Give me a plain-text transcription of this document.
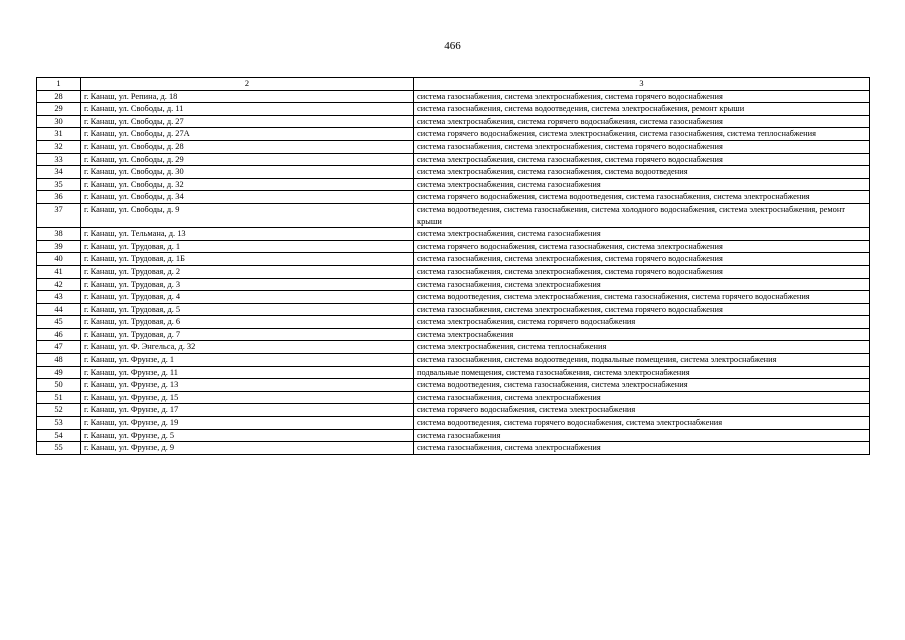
466
1	2	3
28	г. Канаш, ул. Репина, д. 18	система газоснабжения, система электроснабжения, система горячего водоснабжения
29	г. Канаш, ул. Свободы, д. 11	система газоснабжения, система водоотведения, система электроснабжения, ремонт крыши
30	г. Канаш, ул. Свободы, д. 27	система электроснабжения, система горячего водоснабжения, система газоснабжения
31	г. Канаш, ул. Свободы, д. 27А	система горячего водоснабжения, система электроснабжения, система газоснабжения, система теплоснабжения
32	г. Канаш, ул. Свободы, д. 28	система газоснабжения, система электроснабжения, система горячего водоснабжения
33	г. Канаш, ул. Свободы, д. 29	система электроснабжения, система газоснабжения, система горячего водоснабжения
34	г. Канаш, ул. Свободы, д. 30	система электроснабжения, система газоснабжения, система водоотведения
35	г. Канаш, ул. Свободы, д. 32	система электроснабжения, система газоснабжения
36	г. Канаш, ул. Свободы, д. 34	система горячего водоснабжения, система водоотведения, система газоснабжения, система электроснабжения
37	г. Канаш, ул. Свободы, д. 9	система водоотведения, система газоснабжения, система холодного водоснабжения, система электроснабжения, ремонт крыши
38	г. Канаш, ул. Тельмана, д. 13	система электроснабжения, система газоснабжения
39	г. Канаш, ул. Трудовая, д. 1	система горячего водоснабжения, система газоснабжения, система электроснабжения
40	г. Канаш, ул. Трудовая, д. 1Б	система газоснабжения, система электроснабжения, система горячего водоснабжения
41	г. Канаш, ул. Трудовая, д. 2	система газоснабжения, система электроснабжения, система горячего водоснабжения
42	г. Канаш, ул. Трудовая, д. 3	система газоснабжения, система электроснабжения
43	г. Канаш, ул. Трудовая, д. 4	система водоотведения, система электроснабжения, система газоснабжения, система горячего водоснабжения
44	г. Канаш, ул. Трудовая, д. 5	система газоснабжения, система электроснабжения, система горячего водоснабжения
45	г. Канаш, ул. Трудовая, д. 6	система электроснабжения, система горячего водоснабжения
46	г. Канаш, ул. Трудовая, д. 7	система электроснабжения
47	г. Канаш, ул. Ф. Энгельса, д. 32	система электроснабжения, система теплоснабжения
48	г. Канаш, ул. Фрунзе, д. 1	система газоснабжения, система водоотведения, подвальные помещения, система электроснабжения
49	г. Канаш, ул. Фрунзе, д. 11	подвальные помещения, система газоснабжения, система электроснабжения
50	г. Канаш, ул. Фрунзе, д. 13	система водоотведения, система газоснабжения, система электроснабжения
51	г. Канаш, ул. Фрунзе, д. 15	система газоснабжения, система электроснабжения
52	г. Канаш, ул. Фрунзе, д. 17	система горячего водоснабжения, система электроснабжения
53	г. Канаш, ул. Фрунзе, д. 19	система водоотведения, система горячего водоснабжения, система электроснабжения
54	г. Канаш, ул. Фрунзе, д. 5	система газоснабжения
55	г. Канаш, ул. Фрунзе, д. 9	система газоснабжения, система электроснабжения
